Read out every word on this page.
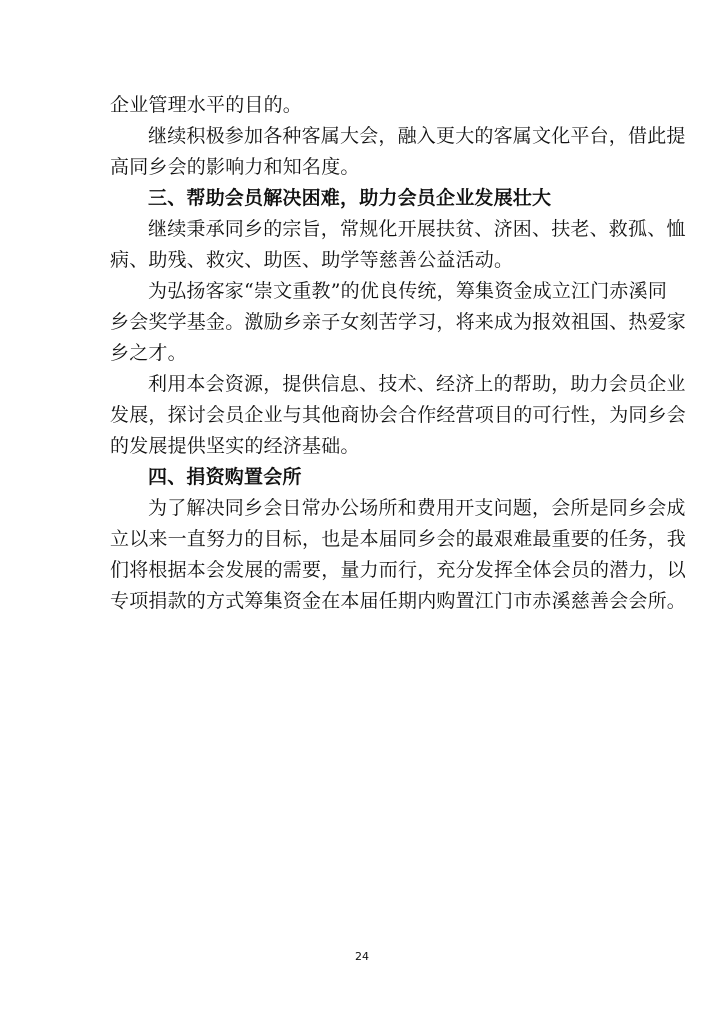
企业管理水平的目的。
继续积极参加各种客属大会，融入更大的客属文化平台，借此提
高同乡会的影响力和知名度。
三、帮助会员解决困难，助力会员企业发展壮大
继续秉承同乡的宗旨，常规化开展扶贫、济困、扶老、救孤、恤
病、助残、救灾、助医、助学等慈善公益活动。
为弘扬客家“崇文重教”的优良传统，筹集资金成立江门赤溪同
乡会奖学基金。激励乡亲子女刻苦学习，将来成为报效祖国、热爱家
乡之才。
利用本会资源，提供信息、技术、经济上的帮助，助力会员企业
发展，探讨会员企业与其他商协会合作经营项目的可行性，为同乡会
的发展提供坚实的经济基础。
四、捐资购置会所
为了解决同乡会日常办公场所和费用开支问题，会所是同乡会成
立以来一直努力的目标，也是本届同乡会的最艰难最重要的任务，我
们将根据本会发展的需要，量力而行，充分发挥全体会员的潜力，以
专项捐款的方式筹集资金在本届任期内购置江门市赤溪慈善会会所。
24
